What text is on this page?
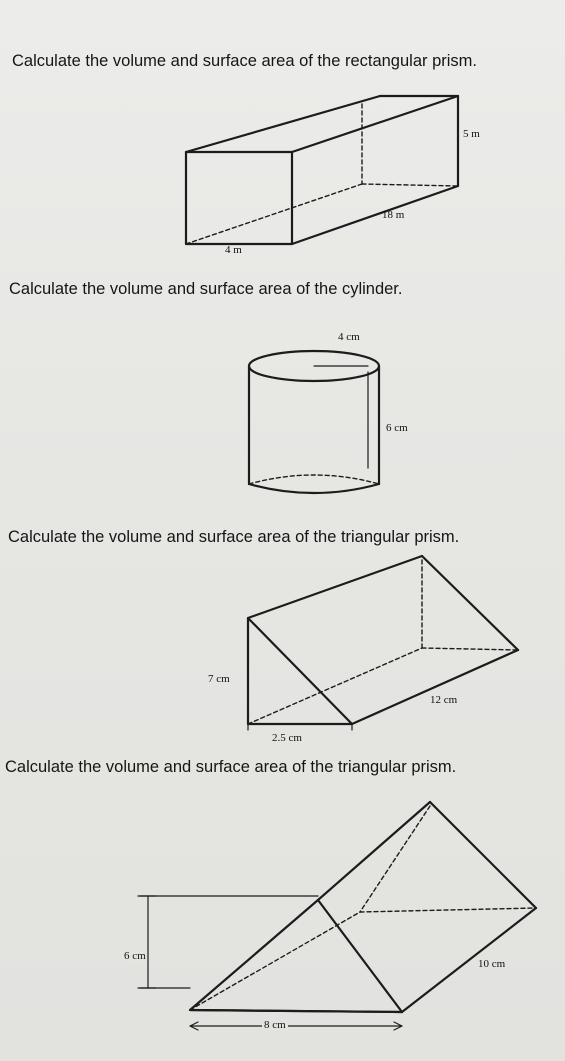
Calculate the volume and surface area of the rectangular prism.
5 m
18 m
4 m
Calculate the volume and surface area of the cylinder.
4 cm
6 cm
Calculate the volume and surface area of the triangular prism.
7 cm
12 cm
2.5 cm
Calculate the volume and surface area of the triangular prism.
6 cm
10 cm
8 cm
